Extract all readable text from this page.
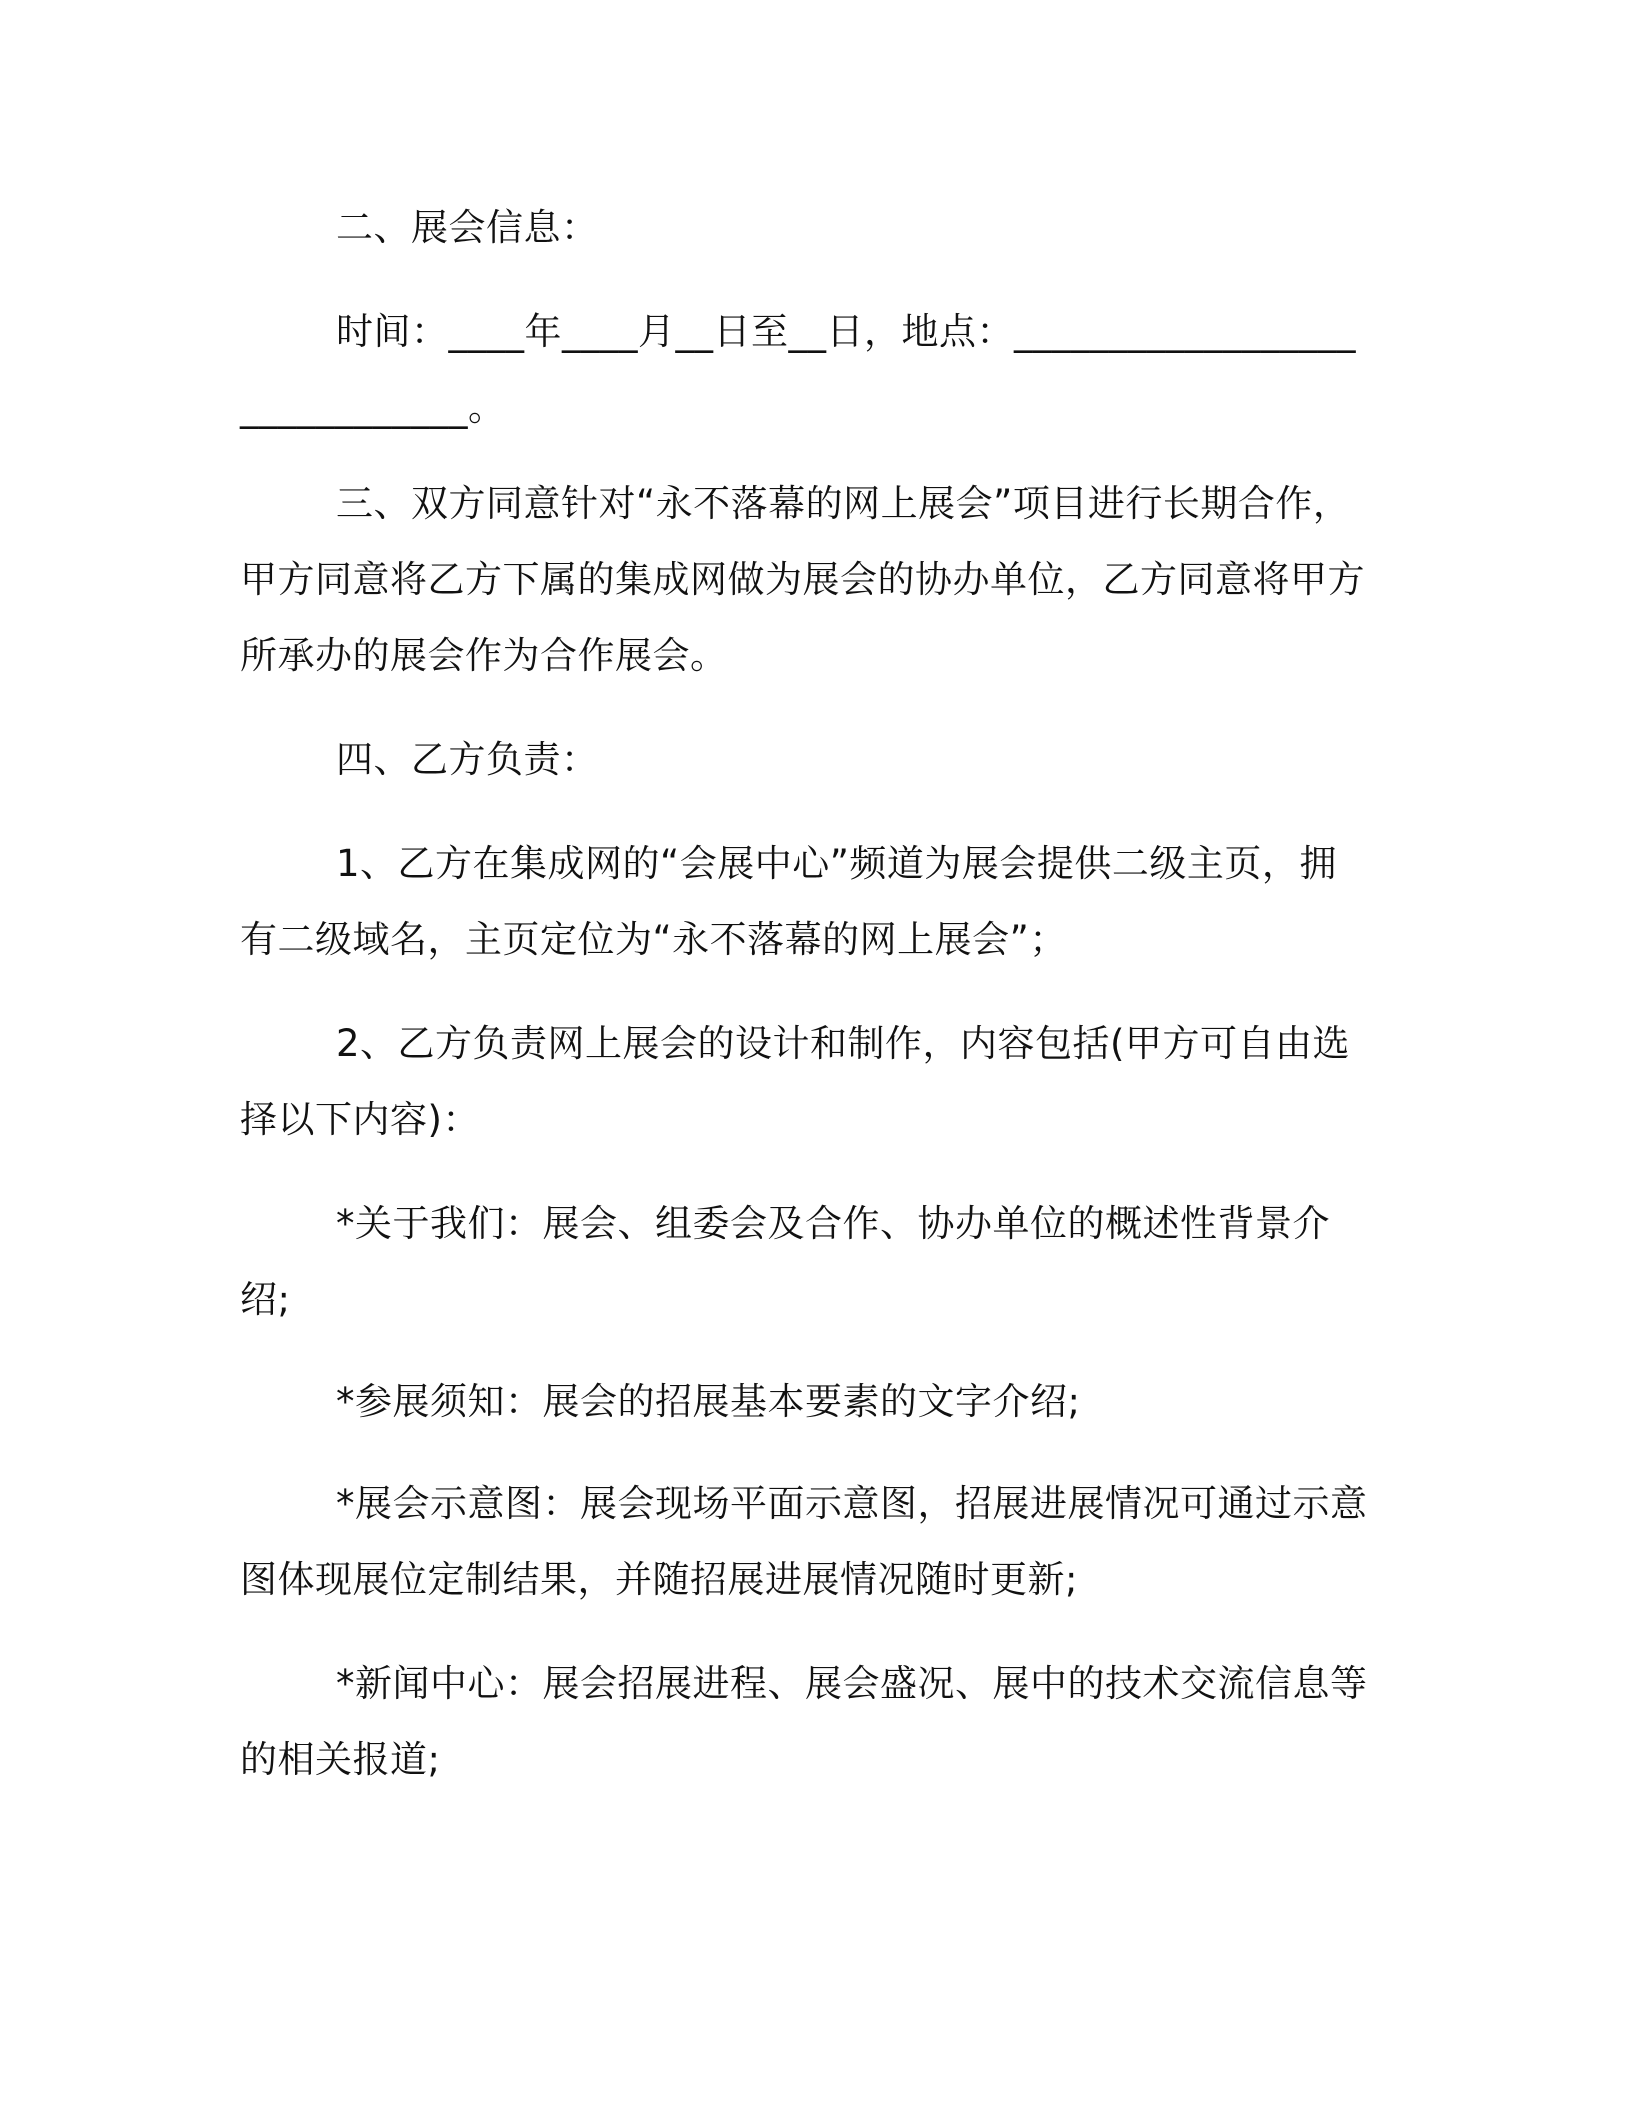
二、展会信息：

时间：____年____月__日至__日，地点：______________________________。

三、双方同意针对“永不落幕的网上展会”项目进行长期合作，甲方同意将乙方下属的集成网做为展会的协办单位，乙方同意将甲方所承办的展会作为合作展会。

四、乙方负责：

1、乙方在集成网的“会展中心”频道为展会提供二级主页，拥有二级域名，主页定位为“永不落幕的网上展会”；

2、乙方负责网上展会的设计和制作，内容包括(甲方可自由选择以下内容)：

*关于我们：展会、组委会及合作、协办单位的概述性背景介绍;

*参展须知：展会的招展基本要素的文字介绍;

*展会示意图：展会现场平面示意图，招展进展情况可通过示意图体现展位定制结果，并随招展进展情况随时更新;

*新闻中心：展会招展进程、展会盛况、展中的技术交流信息等的相关报道;
